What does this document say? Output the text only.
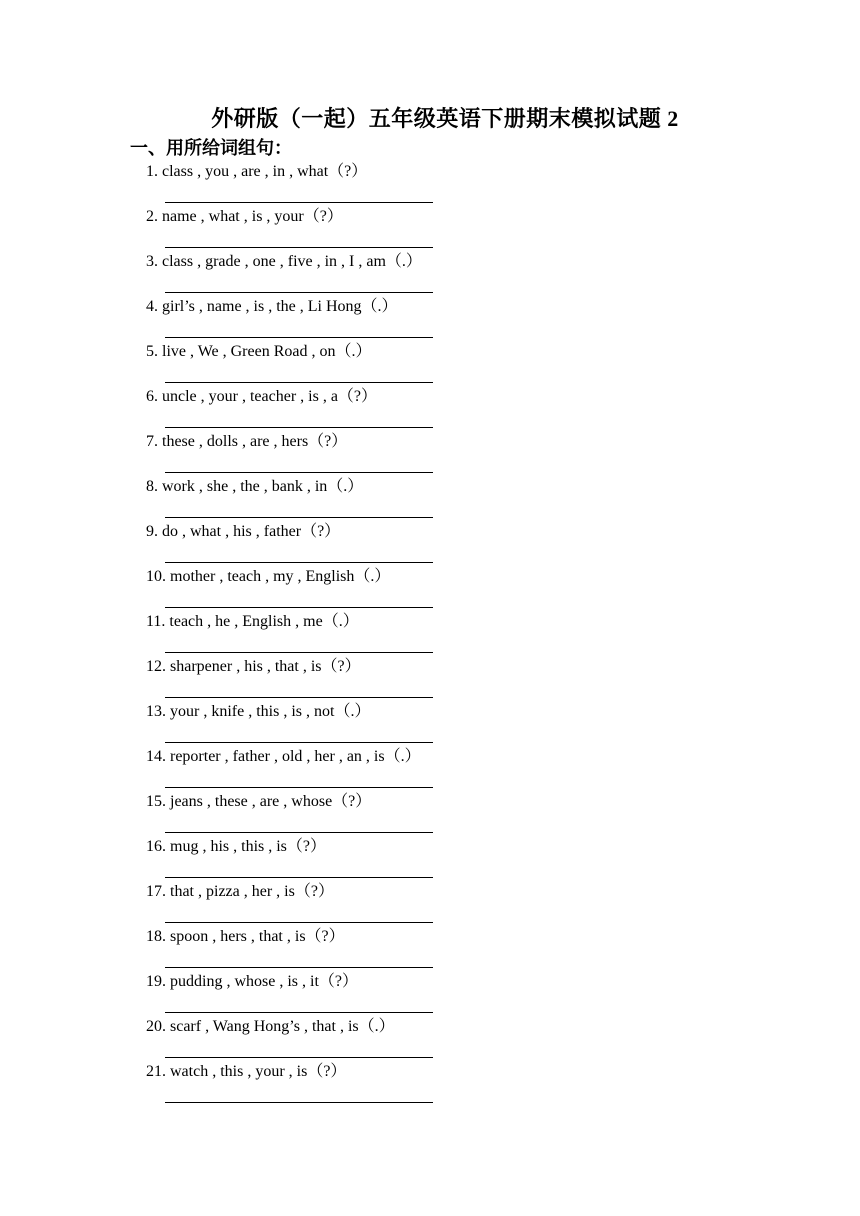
外研版（一起）五年级英语下册期末模拟试题 2
一、用所给词组句：
1. class , you , are , in , what（?）
2. name , what , is , your（?）
3. class , grade , one , five , in , I , am（.）
4. girl’s , name , is , the , Li Hong（.）
5. live , We , Green Road , on（.）
6. uncle , your , teacher , is , a（?）
7. these , dolls , are , hers（?）
8. work , she , the , bank , in（.）
9. do , what , his , father（?）
10. mother , teach , my , English（.）
11. teach , he , English , me（.）
12. sharpener , his , that , is（?）
13. your , knife , this , is , not（.）
14. reporter , father , old , her , an , is（.）
15. jeans , these , are , whose（?）
16. mug , his , this , is（?）
17. that , pizza , her , is（?）
18. spoon , hers , that , is（?）
19. pudding , whose , is , it（?）
20. scarf , Wang Hong’s , that , is（.）
21. watch , this , your , is（?）
